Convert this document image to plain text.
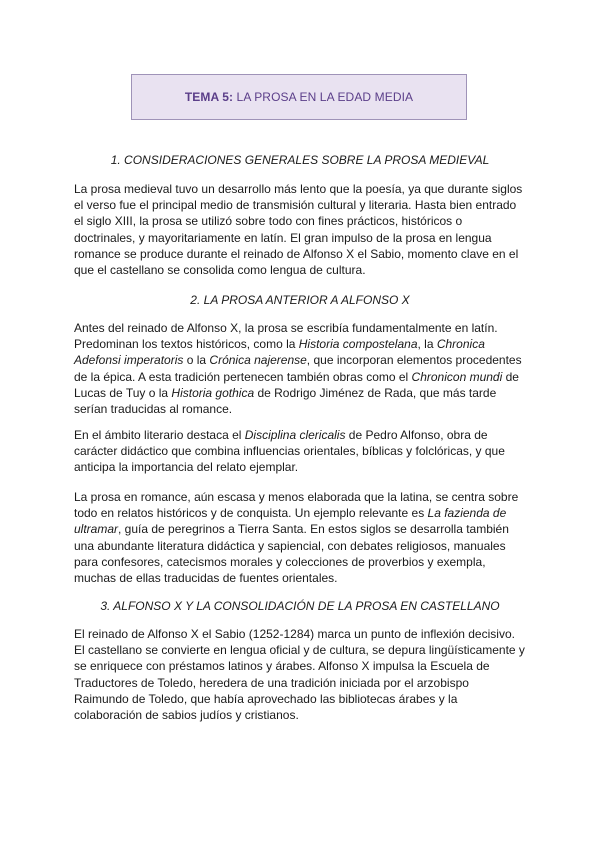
TEMA 5: LA PROSA EN LA EDAD MEDIA
1. CONSIDERACIONES GENERALES SOBRE LA PROSA MEDIEVAL
La prosa medieval tuvo un desarrollo más lento que la poesía, ya que durante siglos
el verso fue el principal medio de transmisión cultural y literaria. Hasta bien entrado
el siglo XIII, la prosa se utilizó sobre todo con fines prácticos, históricos o
doctrinales, y mayoritariamente en latín. El gran impulso de la prosa en lengua
romance se produce durante el reinado de Alfonso X el Sabio, momento clave en el
que el castellano se consolida como lengua de cultura.
2. LA PROSA ANTERIOR A ALFONSO X
Antes del reinado de Alfonso X, la prosa se escribía fundamentalmente en latín.
Predominan los textos históricos, como la Historia compostelana, la Chronica
Adefonsi imperatoris o la Crónica najerense, que incorporan elementos procedentes
de la épica. A esta tradición pertenecen también obras como el Chronicon mundi de
Lucas de Tuy o la Historia gothica de Rodrigo Jiménez de Rada, que más tarde
serían traducidas al romance.
En el ámbito literario destaca el Disciplina clericalis de Pedro Alfonso, obra de
carácter didáctico que combina influencias orientales, bíblicas y folclóricas, y que
anticipa la importancia del relato ejemplar.
La prosa en romance, aún escasa y menos elaborada que la latina, se centra sobre
todo en relatos históricos y de conquista. Un ejemplo relevante es La fazienda de
ultramar, guía de peregrinos a Tierra Santa. En estos siglos se desarrolla también
una abundante literatura didáctica y sapiencial, con debates religiosos, manuales
para confesores, catecismos morales y colecciones de proverbios y exempla,
muchas de ellas traducidas de fuentes orientales.
3. ALFONSO X Y LA CONSOLIDACIÓN DE LA PROSA EN CASTELLANO
El reinado de Alfonso X el Sabio (1252-1284) marca un punto de inflexión decisivo.
El castellano se convierte en lengua oficial y de cultura, se depura lingüísticamente y
se enriquece con préstamos latinos y árabes. Alfonso X impulsa la Escuela de
Traductores de Toledo, heredera de una tradición iniciada por el arzobispo
Raimundo de Toledo, que había aprovechado las bibliotecas árabes y la
colaboración de sabios judíos y cristianos.
